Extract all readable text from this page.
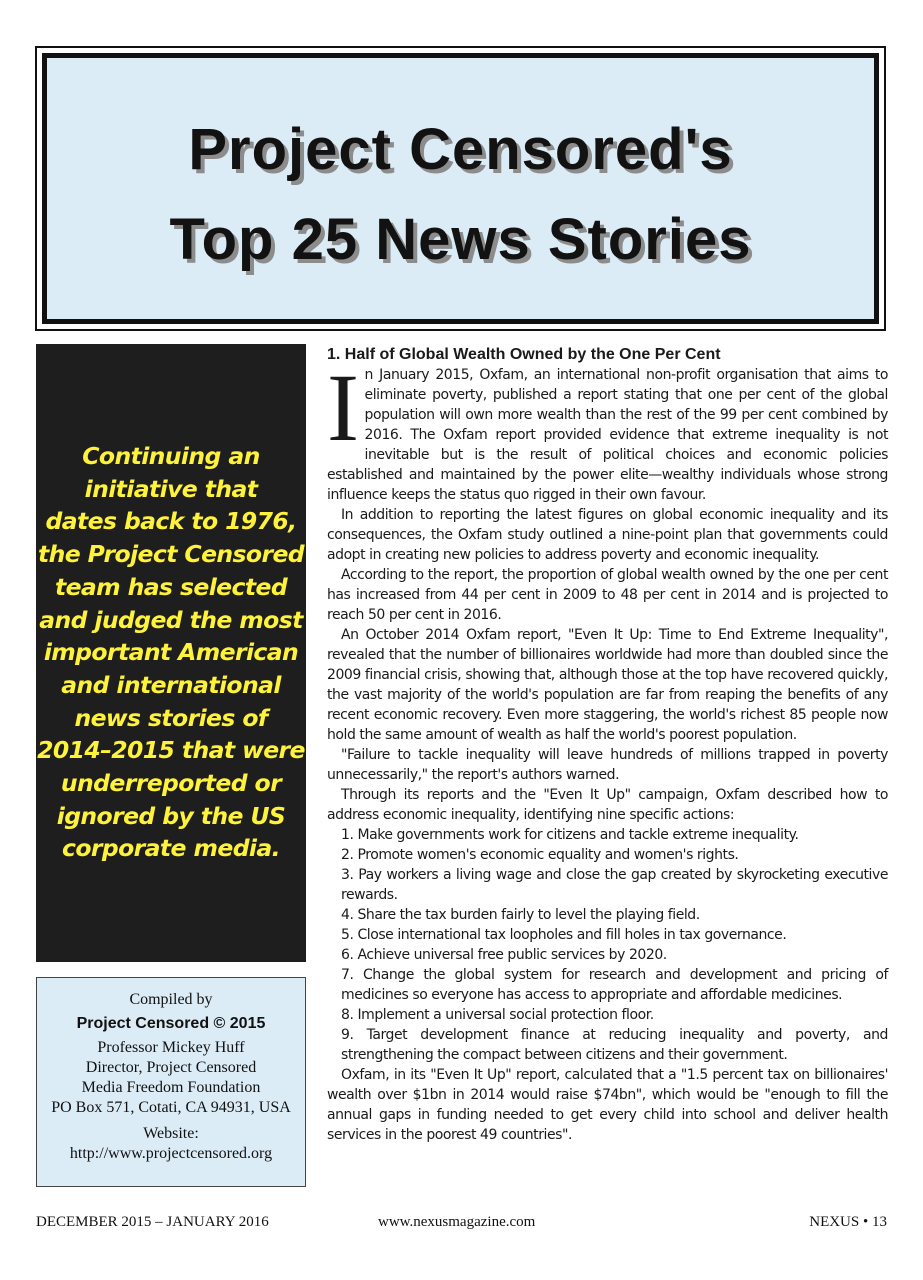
Project Censored's
Top 25 News Stories
Continuing an
initiative that
dates back to 1976,
the Project Censored
team has selected
and judged the most
important American
and international
news stories of
2014–2015 that were
underreported or
ignored by the US
corporate media.
Compiled by
Project Censored © 2015
Professor Mickey Huff
Director, Project Censored
Media Freedom Foundation
PO Box 571, Cotati, CA 94931, USA
Website:
http://www.projectcensored.org
1. Half of Global Wealth Owned by the One Per Cent

In January 2015, Oxfam, an international non-profit organisation that aims to eliminate poverty, published a report stating that one per cent of the global population will own more wealth than the rest of the 99 per cent combined by 2016. The Oxfam report provided evidence that extreme inequality is not inevitable but is the result of political choices and economic policies established and maintained by the power elite—wealthy individuals whose strong influence keeps the status quo rigged in their own favour.

In addition to reporting the latest figures on global economic inequality and its consequences, the Oxfam study outlined a nine-point plan that governments could adopt in creating new policies to address poverty and economic inequality.

According to the report, the proportion of global wealth owned by the one per cent has increased from 44 per cent in 2009 to 48 per cent in 2014 and is projected to reach 50 per cent in 2016.

An October 2014 Oxfam report, "Even It Up: Time to End Extreme Inequality", revealed that the number of billionaires worldwide had more than doubled since the 2009 financial crisis, showing that, although those at the top have recovered quickly, the vast majority of the world's population are far from reaping the benefits of any recent economic recovery. Even more staggering, the world's richest 85 people now hold the same amount of wealth as half the world's poorest population.

"Failure to tackle inequality will leave hundreds of millions trapped in poverty unnecessarily," the report's authors warned.

Through its reports and the "Even It Up" campaign, Oxfam described how to address economic inequality, identifying nine specific actions:

1. Make governments work for citizens and tackle extreme inequality.
2. Promote women's economic equality and women's rights.
3. Pay workers a living wage and close the gap created by skyrocketing executive rewards.
4. Share the tax burden fairly to level the playing field.
5. Close international tax loopholes and fill holes in tax governance.
6. Achieve universal free public services by 2020.
7. Change the global system for research and development and pricing of medicines so everyone has access to appropriate and affordable medicines.
8. Implement a universal social protection floor.
9. Target development finance at reducing inequality and poverty, and strengthening the compact between citizens and their government.

Oxfam, in its "Even It Up" report, calculated that a "1.5 percent tax on billionaires' wealth over $1bn in 2014 would raise $74bn", which would be "enough to fill the annual gaps in funding needed to get every child into school and deliver health services in the poorest 49 countries".

DECEMBER 2015 – JANUARY 2016	www.nexusmagazine.com	NEXUS • 13
